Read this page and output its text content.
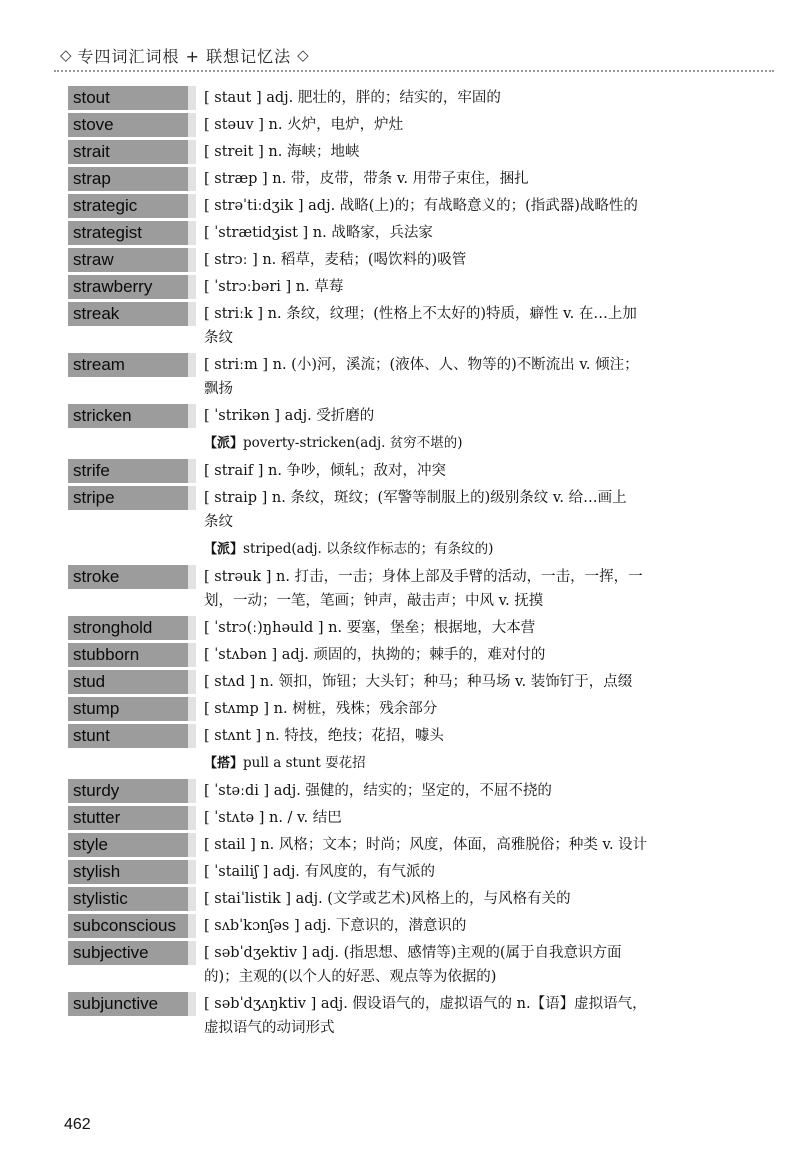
◇ 专四词汇词根 + 联想记忆法 ◇
stout	[ staut ] adj. 肥壮的，胖的；结实的，牢固的
stove	[ stəuv ] n. 火炉，电炉，炉灶
strait	[ streit ] n. 海峡；地峡
strap	[ stræp ] n. 带，皮带，带条 v. 用带子束住，捆扎
strategic	[ strəˈtiːdʒik ] adj. 战略(上)的；有战略意义的；(指武器)战略性的
strategist	[ ˈstrætidʒist ] n. 战略家，兵法家
straw	[ strɔː ] n. 稻草，麦秸；(喝饮料的)吸管
strawberry	[ ˈstrɔːbəri ] n. 草莓
streak	[ striːk ] n. 条纹，纹理；(性格上不太好的)特质，癖性 v. 在…上加
条纹
stream	[ striːm ] n. (小)河，溪流；(液体、人、物等的)不断流出 v. 倾注；
飘扬
stricken	[ ˈstrikən ] adj. 受折磨的
【派】poverty-stricken(adj. 贫穷不堪的)
strife	[ straif ] n. 争吵，倾轧；敌对，冲突
stripe	[ straip ] n. 条纹，斑纹；(军警等制服上的)级别条纹 v. 给…画上
条纹
【派】striped(adj. 以条纹作标志的；有条纹的)
stroke	[ strəuk ] n. 打击，一击；身体上部及手臂的活动，一击，一挥，一
划，一动；一笔，笔画；钟声，敲击声；中风 v. 抚摸
stronghold	[ ˈstrɔ(ː)ŋhəuld ] n. 要塞，堡垒；根据地，大本营
stubborn	[ ˈstʌbən ] adj. 顽固的，执拗的；棘手的，难对付的
stud	[ stʌd ] n. 领扣，饰钮；大头钉；种马；种马场 v. 装饰钉于，点缀
stump	[ stʌmp ] n. 树桩，残株；残余部分
stunt	[ stʌnt ] n. 特技，绝技；花招，噱头
【搭】pull a stunt 耍花招
sturdy	[ ˈstəːdi ] adj. 强健的，结实的；坚定的，不屈不挠的
stutter	[ ˈstʌtə ] n. / v. 结巴
style	[ stail ] n. 风格；文本；时尚；风度，体面，高雅脱俗；种类 v. 设计
stylish	[ ˈstailiʃ ] adj. 有风度的，有气派的
stylistic	[ staiˈlistik ] adj. (文学或艺术)风格上的，与风格有关的
subconscious	[ sʌbˈkɔnʃəs ] adj. 下意识的，潜意识的
subjective	[ səbˈdʒektiv ] adj. (指思想、感情等)主观的(属于自我意识方面
的)；主观的(以个人的好恶、观点等为依据的)
subjunctive	[ səbˈdʒʌŋktiv ] adj. 假设语气的，虚拟语气的 n.【语】虚拟语气，
虚拟语气的动词形式
462
